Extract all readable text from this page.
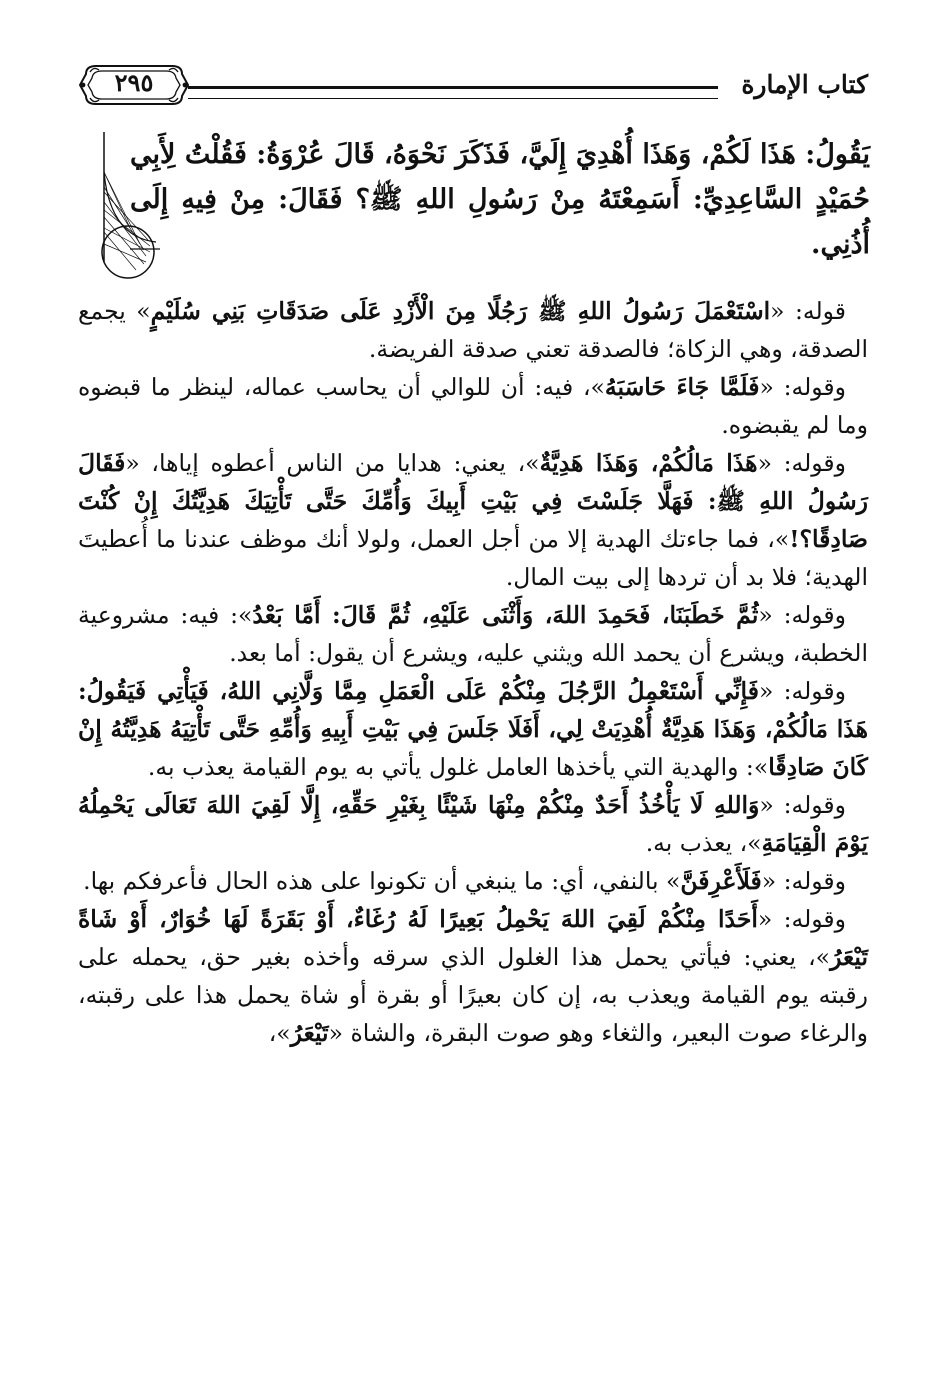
كتاب الإمارة
٢٩٥
يَقُولُ: هَذَا لَكُمْ، وَهَذَا أُهْدِيَ إِلَيَّ، فَذَكَرَ نَحْوَهُ، قَالَ عُرْوَةُ: فَقُلْتُ لِأَبِي حُمَيْدٍ السَّاعِدِيِّ: أَسَمِعْتَهُ مِنْ رَسُولِ اللهِ ﷺ؟ فَقَالَ: مِنْ فِيهِ إِلَى أُذُنِي.

قوله: «اسْتَعْمَلَ رَسُولُ اللهِ ﷺ رَجُلًا مِنَ الْأَزْدِ عَلَى صَدَقَاتِ بَنِي سُلَيْمٍ» يجمع الصدقة، وهي الزكاة؛ فالصدقة تعني صدقة الفريضة.

وقوله: «فَلَمَّا جَاءَ حَاسَبَهُ»، فيه: أن للوالي أن يحاسب عماله، لينظر ما قبضوه وما لم يقبضوه.

وقوله: «هَذَا مَالُكُمْ، وَهَذَا هَدِيَّةٌ»، يعني: هدايا من الناس أعطوه إياها، «فَقَالَ رَسُولُ اللهِ ﷺ: فَهَلَّا جَلَسْتَ فِي بَيْتِ أَبِيكَ وَأُمِّكَ حَتَّى تَأْتِيَكَ هَدِيَّتُكَ إِنْ كُنْتَ صَادِقًا؟!»، فما جاءتك الهدية إلا من أجل العمل، ولولا أنك موظف عندنا ما أُعطيتَ الهدية؛ فلا بد أن تردها إلى بيت المال.

وقوله: «ثُمَّ خَطَبَنَا، فَحَمِدَ اللهَ، وَأَثْنَى عَلَيْهِ، ثُمَّ قَالَ: أَمَّا بَعْدُ»: فيه: مشروعية الخطبة، ويشرع أن يحمد الله ويثني عليه، ويشرع أن يقول: أما بعد.

وقوله: «فَإِنِّي أَسْتَعْمِلُ الرَّجُلَ مِنْكُمْ عَلَى الْعَمَلِ مِمَّا وَلَّانِي اللهُ، فَيَأْتِي فَيَقُولُ: هَذَا مَالُكُمْ، وَهَذَا هَدِيَّةٌ أُهْدِيَتْ لِي، أَفَلَا جَلَسَ فِي بَيْتِ أَبِيهِ وَأُمِّهِ حَتَّى تَأْتِيَهُ هَدِيَّتُهُ إِنْ كَانَ صَادِقًا»: والهدية التي يأخذها العامل غلول يأتي به يوم القيامة يعذب به.

وقوله: «وَاللهِ لَا يَأْخُذُ أَحَدٌ مِنْكُمْ مِنْهَا شَيْئًا بِغَيْرِ حَقِّهِ، إِلَّا لَقِيَ اللهَ تَعَالَى يَحْمِلُهُ يَوْمَ الْقِيَامَةِ»، يعذب به.

وقوله: «فَلَأَعْرِفَنَّ» بالنفي، أي: ما ينبغي أن تكونوا على هذه الحال فأعرفكم بها.

وقوله: «أَحَدًا مِنْكُمْ لَقِيَ اللهَ يَحْمِلُ بَعِيرًا لَهُ رُغَاءٌ، أَوْ بَقَرَةً لَهَا خُوَارٌ، أَوْ شَاةً تَيْعَرُ»، يعني: فيأتي يحمل هذا الغلول الذي سرقه وأخذه بغير حق، يحمله على رقبته يوم القيامة ويعذب به، إن كان بعيرًا أو بقرة أو شاة يحمل هذا على رقبته، والرغاء صوت البعير، والثغاء وهو صوت البقرة، والشاة «تَيْعَرُ»،
